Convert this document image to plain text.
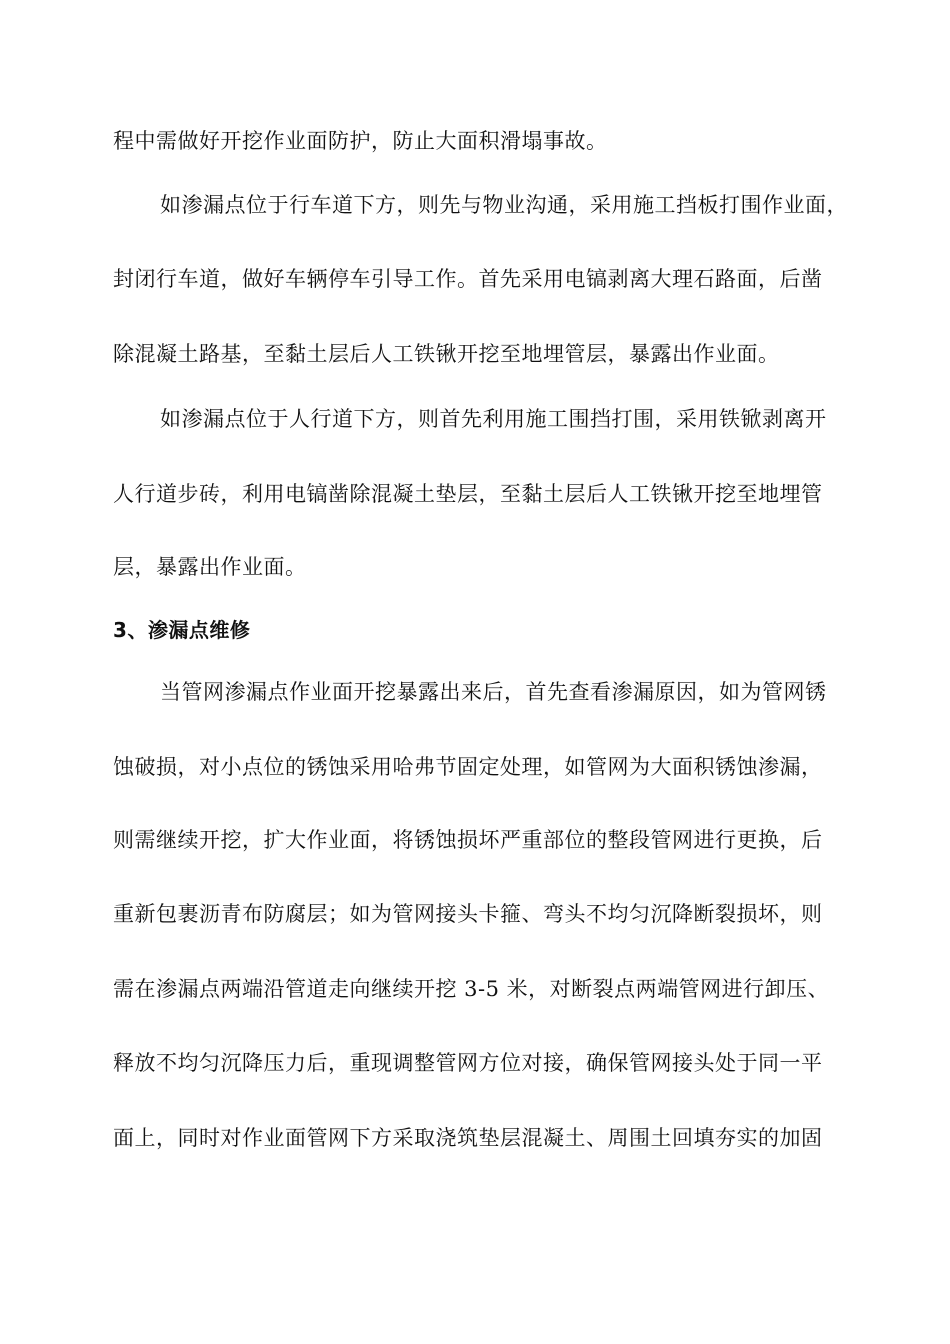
程中需做好开挖作业面防护，防止大面积滑塌事故。
如渗漏点位于行车道下方，则先与物业沟通，采用施工挡板打围作业面，
封闭行车道，做好车辆停车引导工作。首先采用电镐剥离大理石路面，后凿
除混凝土路基，至黏土层后人工铁锹开挖至地埋管层，暴露出作业面。
如渗漏点位于人行道下方，则首先利用施工围挡打围，采用铁锨剥离开
人行道步砖，利用电镐凿除混凝土垫层，至黏土层后人工铁锹开挖至地埋管
层，暴露出作业面。
3、渗漏点维修
当管网渗漏点作业面开挖暴露出来后，首先查看渗漏原因，如为管网锈
蚀破损，对小点位的锈蚀采用哈弗节固定处理，如管网为大面积锈蚀渗漏，
则需继续开挖，扩大作业面，将锈蚀损坏严重部位的整段管网进行更换，后
重新包裹沥青布防腐层；如为管网接头卡箍、弯头不均匀沉降断裂损坏，则
需在渗漏点两端沿管道走向继续开挖 3-5 米，对断裂点两端管网进行卸压、
释放不均匀沉降压力后，重现调整管网方位对接，确保管网接头处于同一平
面上，同时对作业面管网下方采取浇筑垫层混凝土、周围土回填夯实的加固
